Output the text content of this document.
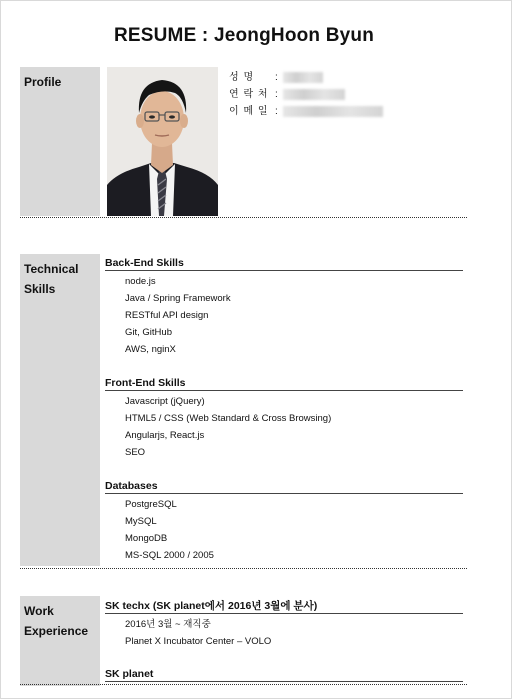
RESUME : JeongHoon Byun
Profile	성 명 :
연 락 처 :
이 메 일 :
Technical
Skills
Back-End Skills
node.js
Java / Spring Framework
RESTful API design
Git, GitHub
AWS, nginX
Front-End Skills
Javascript (jQuery)
HTML5 / CSS (Web Standard & Cross Browsing)
Angularjs, React.js
SEO
Databases
PostgreSQL
MySQL
MongoDB
MS-SQL 2000 / 2005
Work
Experience
SK techx (SK planet에서 2016년 3월에 분사)
2016년 3월 ~ 재직중
Planet X Incubator Center – VOLO
SK planet
